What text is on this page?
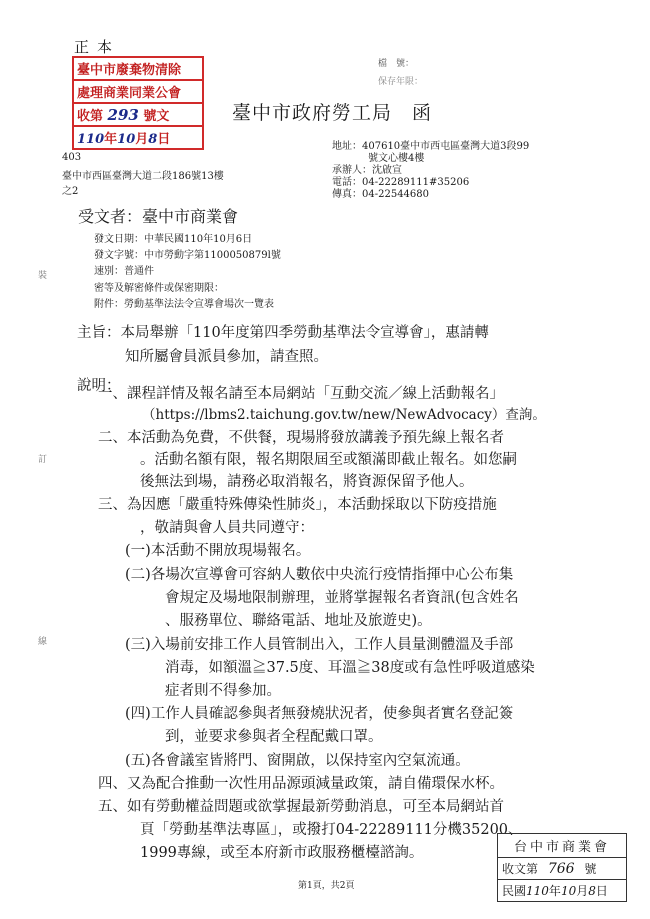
正本
臺中市廢棄物清除
處理商業同業公會
收第 293 號文
110年10月8日
檔　號：
保存年限：
臺中市政府勞工局　函
403
臺中市西區臺灣大道二段186號13樓
之2
地址：407610臺中市西屯區臺灣大道3段99
號文心樓4樓
承辦人：沈啟宣
電話：04-22289111#35206
傳真：04-22544680
受文者：臺中市商業會
發文日期：中華民國110年10月6日
發文字號：中市勞動字第1100050879l號
速別：普通件
密等及解密條件或保密期限：
附件：勞動基準法法令宣導會場次一覽表
裝
訂
線
主旨：本局舉辦「110年度第四季勞動基準法令宣導會」，惠請轉
知所屬會員派員參加，請查照。
說明：
一、課程詳情及報名請至本局網站「互動交流／線上活動報名」
（https://lbms2.taichung.gov.tw/new/NewAdvocacy）查詢。
二、本活動為免費，不供餐，現場將發放講義予預先線上報名者
。活動名額有限，報名期限屆至或額滿即截止報名。如您嗣
後無法到場，請務必取消報名，將資源保留予他人。
三、為因應「嚴重特殊傳染性肺炎」，本活動採取以下防疫措施
，敬請與會人員共同遵守：
(一)本活動不開放現場報名。
(二)各場次宣導會可容納人數依中央流行疫情指揮中心公布集
會規定及場地限制辦理，並將掌握報名者資訊(包含姓名
、服務單位、聯絡電話、地址及旅遊史)。
(三)入場前安排工作人員管制出入，工作人員量測體溫及手部
消毒，如額溫≧37.5度、耳溫≧38度或有急性呼吸道感染
症者則不得參加。
(四)工作人員確認參與者無發燒狀況者，使參與者實名登記簽
到，並要求參與者全程配戴口罩。
(五)各會議室皆將門、窗開啟，以保持室內空氣流通。
四、又為配合推動一次性用品源頭減量政策，請自備環保水杯。
五、如有勞動權益問題或欲掌握最新勞動消息，可至本局網站首
頁「勞動基準法專區」，或撥打04-22289111分機35200、
1999專線，或至本府新市政服務櫃檯諮詢。
第1頁，共2頁
台中市商業會
收文第 766 號
民國110年10月8日
